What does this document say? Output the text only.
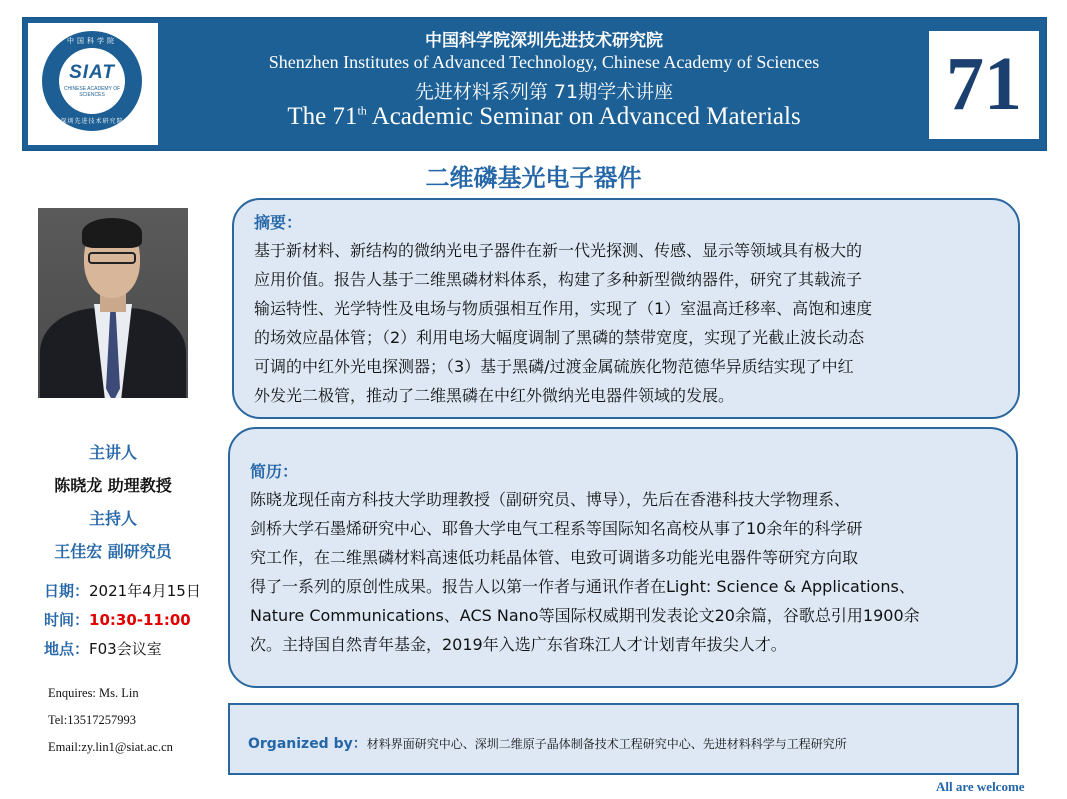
中国科学院
SIAT
CHINESE ACADEMY OF SCIENCES
深圳先进技术研究院
中国科学院深圳先进技术研究院
Shenzhen Institutes of Advanced Technology, Chinese Academy of Sciences
先进材料系列第 71期学术讲座
The 71th Academic Seminar on Advanced Materials	71
二维磷基光电子器件
主讲人
陈晓龙 助理教授
主持人
王佳宏 副研究员
日期：2021年4月15日
时间：10:30-11:00
地点：F03会议室
Enquires: Ms. Lin
Tel:13517257993
Email:zy.lin1@siat.ac.cn
摘要：
基于新材料、新结构的微纳光电子器件在新一代光探测、传感、显示等领域具有极大的
应用价值。报告人基于二维黑磷材料体系，构建了多种新型微纳器件，研究了其载流子
输运特性、光学特性及电场与物质强相互作用，实现了（1）室温高迁移率、高饱和速度
的场效应晶体管；（2）利用电场大幅度调制了黑磷的禁带宽度，实现了光截止波长动态
可调的中红外光电探测器；（3）基于黑磷/过渡金属硫族化物范德华异质结实现了中红
外发光二极管，推动了二维黑磷在中红外微纳光电器件领域的发展。
简历：
陈晓龙现任南方科技大学助理教授（副研究员、博导），先后在香港科技大学物理系、
剑桥大学石墨烯研究中心、耶鲁大学电气工程系等国际知名高校从事了10余年的科学研
究工作，在二维黑磷材料高速低功耗晶体管、电致可调谐多功能光电器件等研究方向取
得了一系列的原创性成果。报告人以第一作者与通讯作者在Light: Science & Applications、
Nature Communications、ACS Nano等国际权威期刊发表论文20余篇，谷歌总引用1900余
次。主持国自然青年基金，2019年入选广东省珠江人才计划青年拔尖人才。
Organized by：材料界面研究中心、深圳二维原子晶体制备技术工程研究中心、先进材料科学与工程研究所
All are welcome
